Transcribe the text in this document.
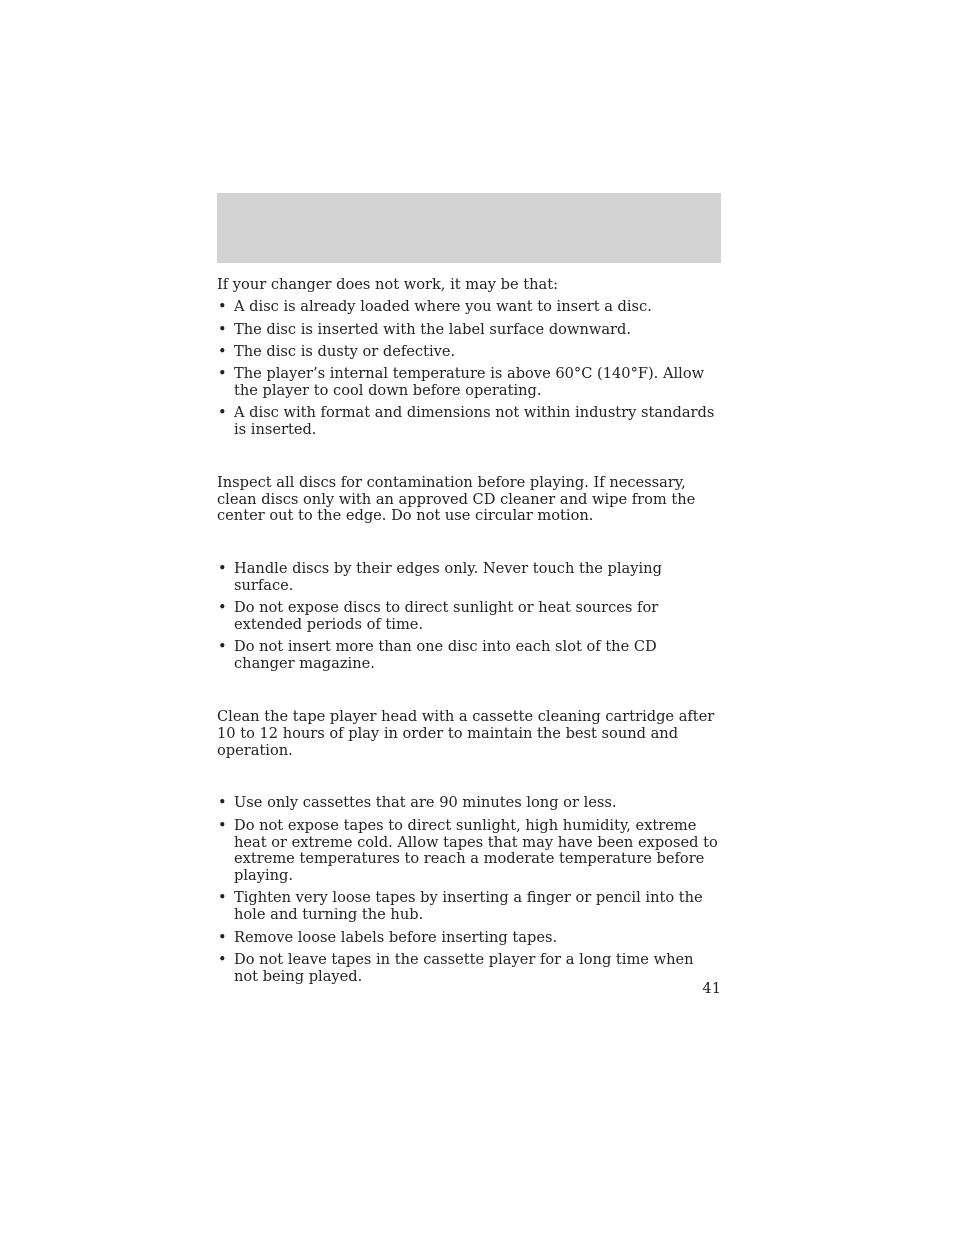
If your changer does not work, it may be that:

• A disc is already loaded where you want to insert a disc.
• The disc is inserted with the label surface downward.
• The disc is dusty or defective.
• The player’s internal temperature is above 60°C (140°F). Allow the player to cool down before operating.
• A disc with format and dimensions not within industry standards is inserted.

Inspect all discs for contamination before playing. If necessary, clean discs only with an approved CD cleaner and wipe from the center out to the edge. Do not use circular motion.

• Handle discs by their edges only. Never touch the playing surface.
• Do not expose discs to direct sunlight or heat sources for extended periods of time.
• Do not insert more than one disc into each slot of the CD changer magazine.

Clean the tape player head with a cassette cleaning cartridge after 10 to 12 hours of play in order to maintain the best sound and operation.

• Use only cassettes that are 90 minutes long or less.
• Do not expose tapes to direct sunlight, high humidity, extreme heat or extreme cold. Allow tapes that may have been exposed to extreme temperatures to reach a moderate temperature before playing.
• Tighten very loose tapes by inserting a finger or pencil into the hole and turning the hub.
• Remove loose labels before inserting tapes.
• Do not leave tapes in the cassette player for a long time when not being played.
41
